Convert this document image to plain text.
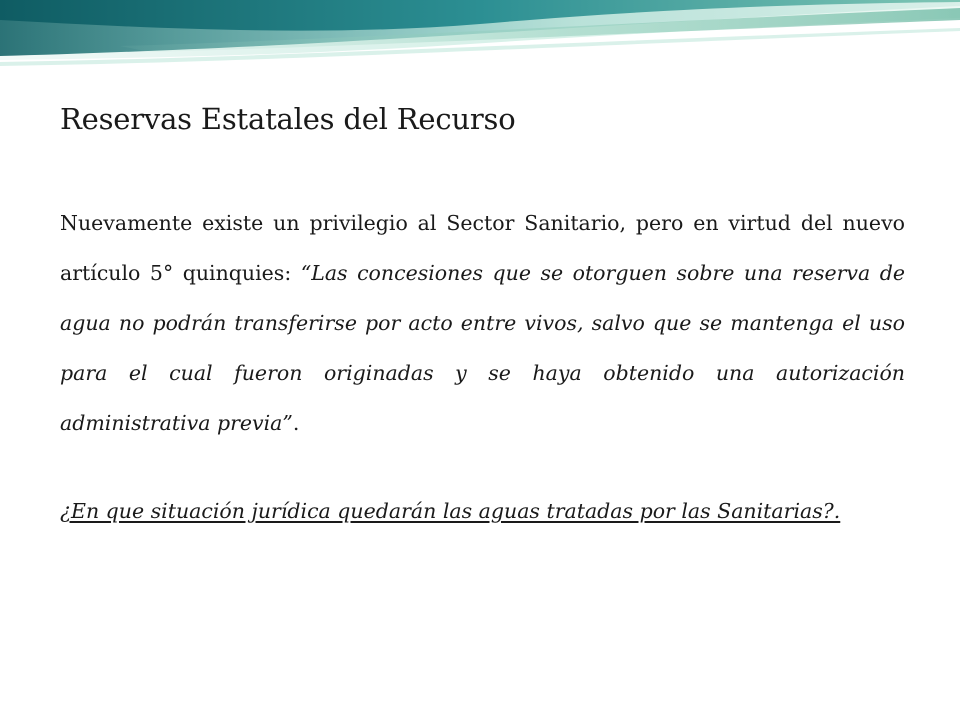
Reservas Estatales del Recurso

Nuevamente existe un privilegio al Sector Sanitario, pero en virtud del nuevo artículo 5° quinquies: “Las concesiones que se otorguen sobre una reserva de agua no podrán transferirse por acto entre vivos, salvo que se mantenga el uso para el cual fueron originadas y se haya obtenido una autorización administrativa previa”.

¿En que situación jurídica quedarán las aguas tratadas por las Sanitarias?.
